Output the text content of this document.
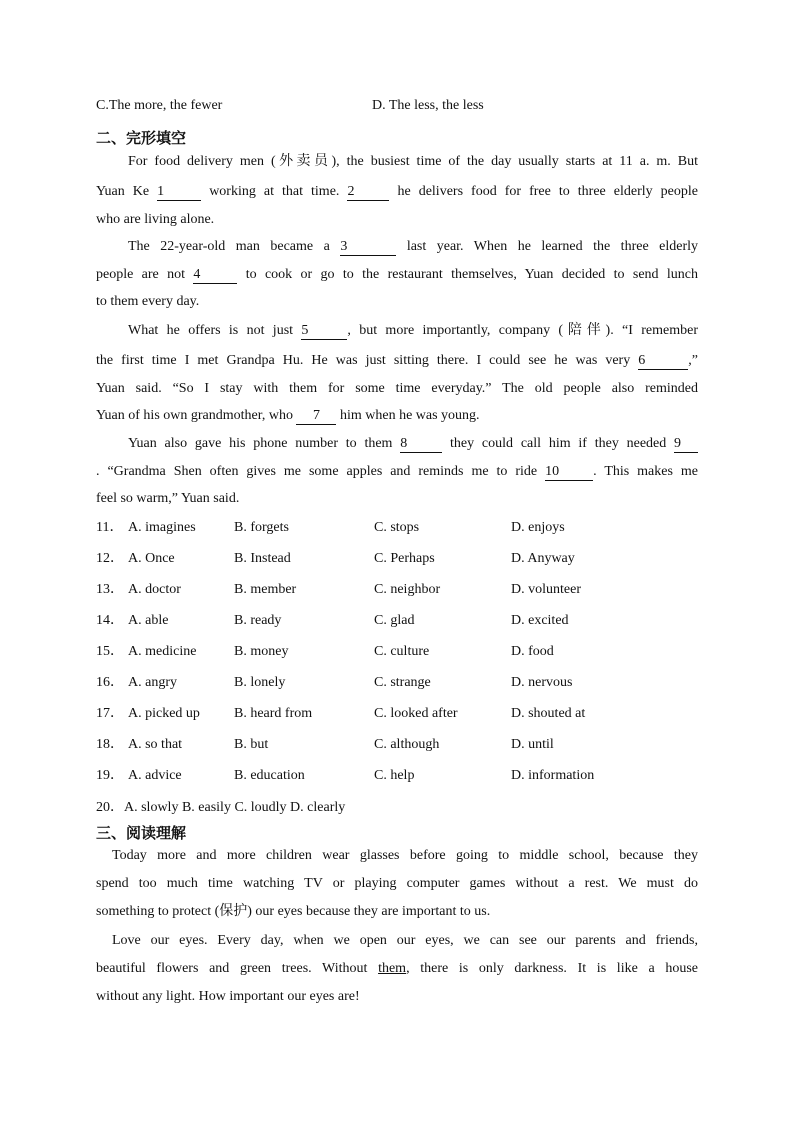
C.The more, the fewer	D. The less, the less
二、完形填空
For food delivery men (外卖员), the busiest time of the day usually starts at 11 a. m. But
Yuan Ke 1	working at that time. 2	he delivers food for free to three elderly people
who are living alone.
The 22-year-old man became a 3	last year. When he learned the three elderly
people are not 4	to cook or go to the restaurant themselves, Yuan decided to send lunch
to them every day.
What he offers is not just 5	, but more importantly, company (陪伴). “I remember
the first time I met Grandpa Hu. He was just sitting there. I could see he was very 6	,”
Yuan said. “So I stay with them for some time everyday.” The old people also reminded
Yuan of his own grandmother, who 7 him when he was young.
Yuan also gave his phone number to them 8	they could call him if they needed 9
. “Grandma Shen often gives me some apples and reminds me to ride 10 . This makes me
feel so warm,” Yuan said.
11． A. imagines	B. forgets	C. stops	D. enjoys
12． A. Once	B. Instead	C. Perhaps	D. Anyway
13． A. doctor	B. member	C. neighbor	D. volunteer
14． A. able	B. ready	C. glad	D. excited
15． A. medicine	B. money	C. culture	D. food
16． A. angry	B. lonely	C. strange	D. nervous
17． A. picked up B. heard from	C. looked after	D. shouted at
18． A. so that	B. but	C. although	D. until
19． A. advice	B. education	C. help	D. information
20．A. slowly B. easily C. loudly D. clearly
三、阅读理解
Today more and more children wear glasses before going to middle school, because they
spend too much time watching TV or playing computer games without a rest. We must do
something to protect (保护) our eyes because they are important to us.
Love our eyes. Every day, when we open our eyes, we can see our parents and friends,
beautiful flowers and green trees. Without them, there is only darkness. It is like a house
without any light. How important our eyes are!
